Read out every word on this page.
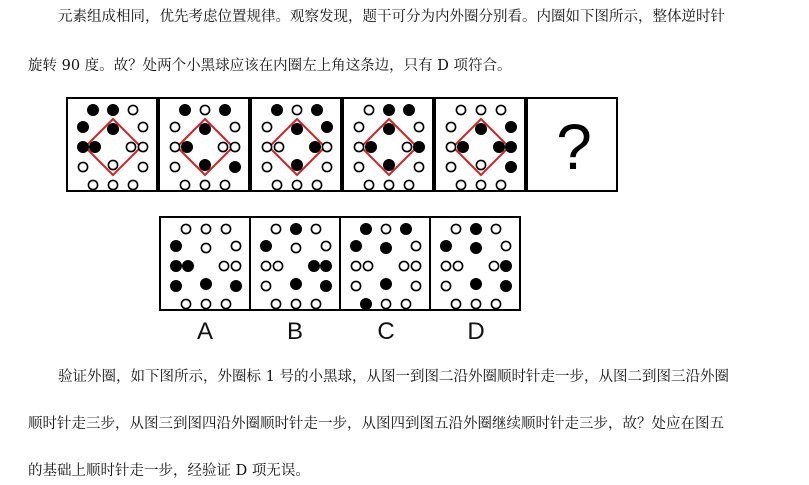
元素组成相同，优先考虑位置规律。观察发现，题干可分为内外圈分别看。内圈如下图所示，整体逆时针

旋转 90 度。故？处两个小黑球应该在内圈左上角这条边，只有 D 项符合。

?
A	B	C	D

验证外圈，如下图所示，外圈标 1 号的小黑球，从图一到图二沿外圈顺时针走一步，从图二到图三沿外圈

顺时针走三步，从图三到图四沿外圈顺时针走一步，从图四到图五沿外圈继续顺时针走三步，故？处应在图五

的基础上顺时针走一步，经验证 D 项无误。
